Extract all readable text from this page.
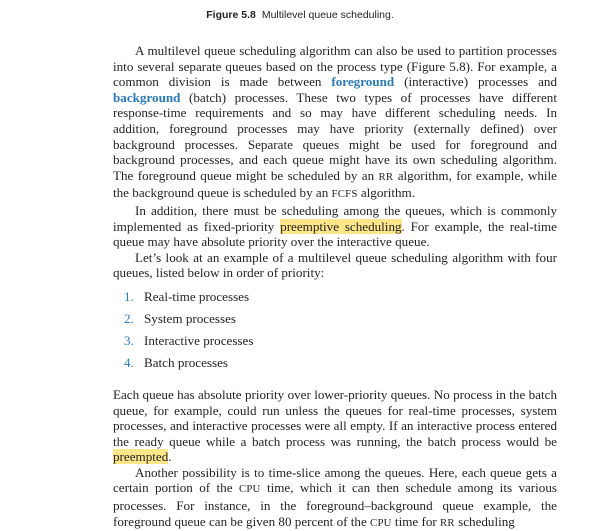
Figure 5.8 Multilevel queue scheduling.

A multilevel queue scheduling algorithm can also be used to partition processes into several separate queues based on the process type (Figure 5.8). For example, a common division is made between foreground (interactive) processes and background (batch) processes. These two types of processes have different response-time requirements and so may have different scheduling needs. In addition, foreground processes may have priority (externally defined) over background processes. Separate queues might be used for foreground and background processes, and each queue might have its own scheduling algorithm. The foreground queue might be scheduled by an RR algorithm, for example, while the background queue is scheduled by an FCFS algorithm.

In addition, there must be scheduling among the queues, which is commonly implemented as fixed-priority preemptive scheduling. For example, the real-time queue may have absolute priority over the interactive queue.

Let’s look at an example of a multilevel queue scheduling algorithm with four queues, listed below in order of priority:

1. Real-time processes
2. System processes
3. Interactive processes
4. Batch processes

Each queue has absolute priority over lower-priority queues. No process in the batch queue, for example, could run unless the queues for real-time processes, system processes, and interactive processes were all empty. If an interactive process entered the ready queue while a batch process was running, the batch process would be preempted.

Another possibility is to time-slice among the queues. Here, each queue gets a certain portion of the CPU time, which it can then schedule among its various processes. For instance, in the foreground–background queue example, the foreground queue can be given 80 percent of the CPU time for RR scheduling
